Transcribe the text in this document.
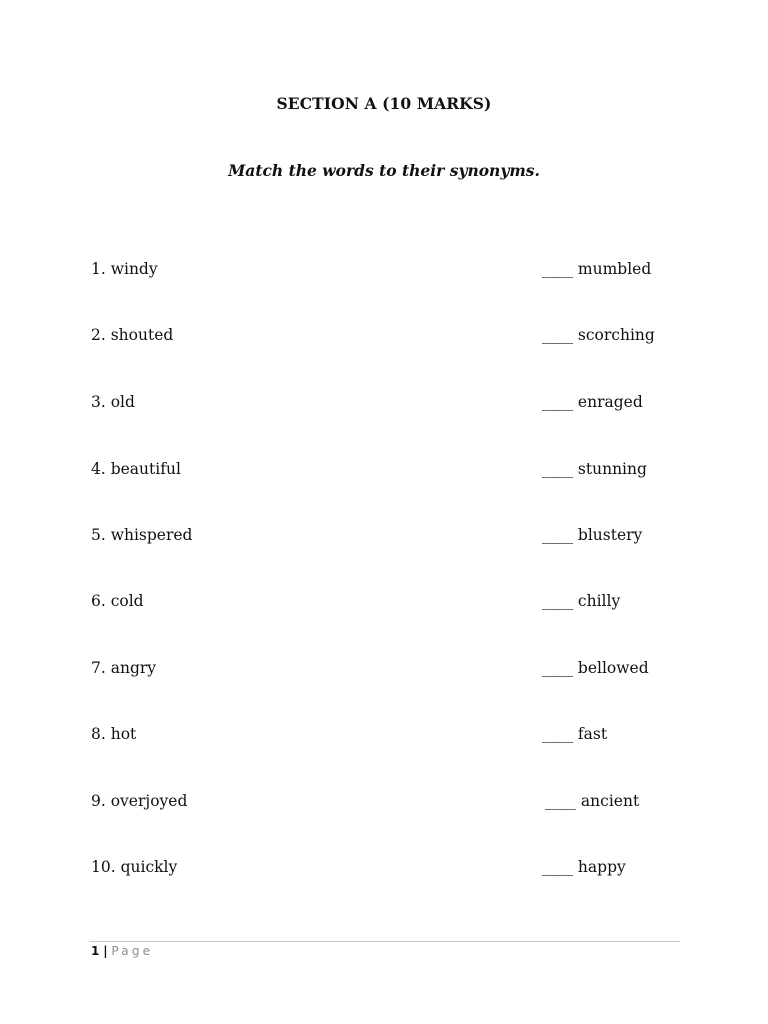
SECTION A (10 MARKS)
Match the words to their synonyms.
1. windy	____ mumbled
2. shouted	____ scorching
3. old	____ enraged
4. beautiful	____ stunning
5. whispered	____ blustery
6. cold	____ chilly
7. angry	____ bellowed
8. hot	____ fast
9. overjoyed	____ ancient
10. quickly	____ happy
1 | Page
